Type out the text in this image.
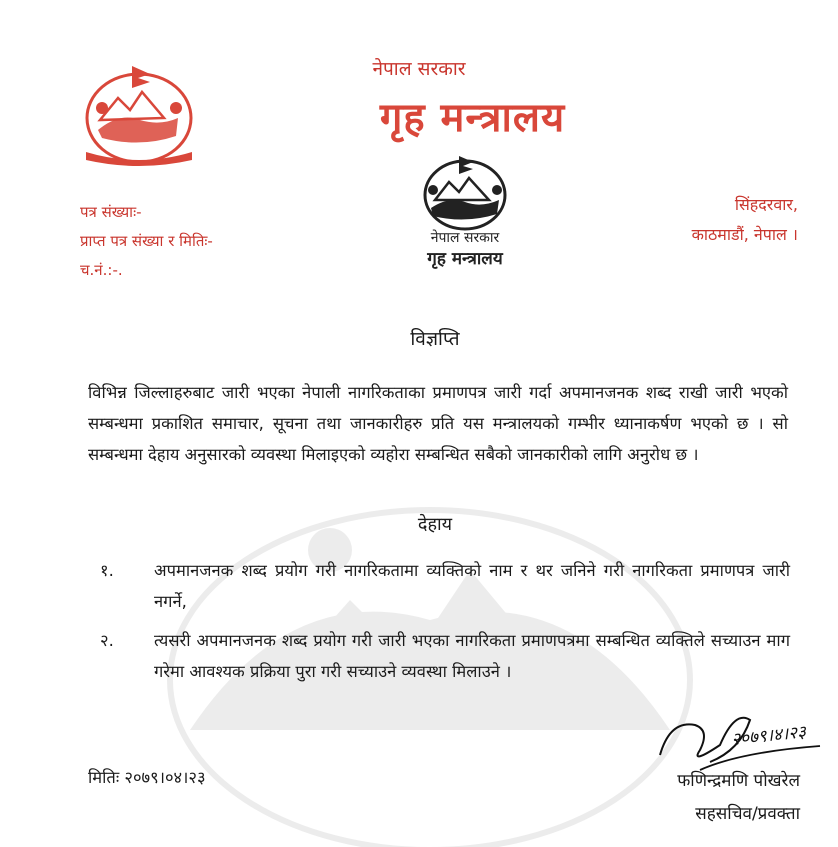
नेपाल सरकार
गृह मन्त्रालय
नेपाल सरकार
गृह मन्त्रालय
पत्र संख्याः-
प्राप्त पत्र संख्या र मितिः-
च.नं.:-.
सिंहदरवार,
काठमाडौं, नेपाल ।
विज्ञप्ति
विभिन्न जिल्लाहरुबाट जारी भएका नेपाली नागरिकताका प्रमाणपत्र जारी गर्दा अपमानजनक शब्द राखी जारी भएको सम्बन्धमा प्रकाशित समाचार, सूचना तथा जानकारीहरु प्रति यस मन्त्रालयको गम्भीर ध्यानाकर्षण भएको छ । सो सम्बन्धमा देहाय अनुसारको व्यवस्था मिलाइएको व्यहोरा सम्बन्धित सबैको जानकारीको लागि अनुरोध छ ।
देहाय
१.	अपमानजनक शब्द प्रयोग गरी नागरिकतामा व्यक्तिको नाम र थर जनिने गरी नागरिकता प्रमाणपत्र जारी नगर्ने,
२.	त्यसरी अपमानजनक शब्द प्रयोग गरी जारी भएका नागरिकता प्रमाणपत्रमा सम्बन्धित व्यक्तिले सच्याउन माग गरेमा आवश्यक प्रक्रिया पुरा गरी सच्याउने व्यवस्था मिलाउने ।
मितिः २०७९।०४।२३
२०७९।४।२३
फणिन्द्रमणि पोखरेल
सहसचिव/प्रवक्ता
